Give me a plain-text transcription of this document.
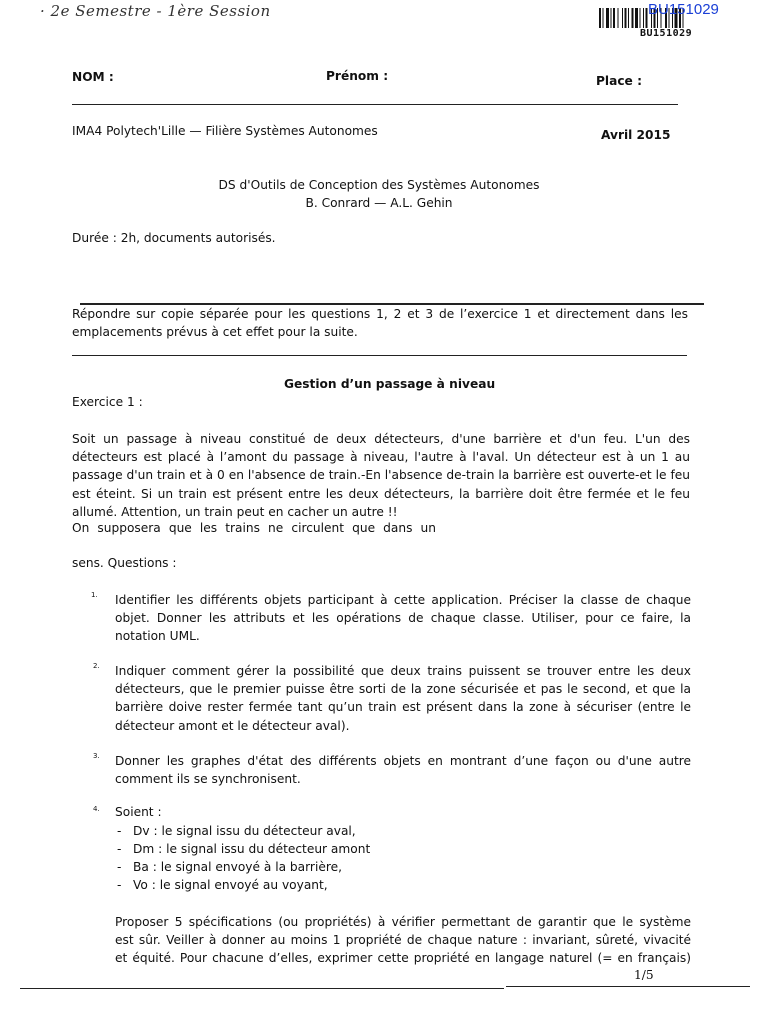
· 2e Semestre - 1ère Session	BU151029
BU151029
NOM :	Prénom :	Place :
IMA4 Polytech'Lille — Filière Systèmes Autonomes	Avril 2015
DS d'Outils de Conception des Systèmes Autonomes
B. Conrard — A.L. Gehin
Durée : 2h, documents autorisés.
Répondre sur copie séparée pour les questions 1, 2 et 3 de l’exercice 1 et directement dans les
emplacements prévus à cet effet pour la suite.
Gestion d’un passage à niveau
Exercice 1 :
Soit un passage à niveau constitué de deux détecteurs, d'une barrière et d'un feu. L'un des
détecteurs est placé à l’amont du passage à niveau, l'autre à l'aval. Un détecteur est à un 1 au
passage d'un train et à 0 en l'absence de train.-En l'absence de-train la barrière est ouverte-et le feu
est éteint. Si un train est présent entre les deux détecteurs, la barrière doit être fermée et le feu
allumé. Attention, un train peut en cacher un autre !!
On supposera que les trains ne circulent que dans un
sens. Questions :
1. Identifier les différents objets participant à cette application. Préciser la classe de chaque
objet. Donner les attributs et les opérations de chaque classe. Utiliser, pour ce faire, la
notation UML.
2. Indiquer comment gérer la possibilité que deux trains puissent se trouver entre les deux
détecteurs, que le premier puisse être sorti de la zone sécurisée et pas le second, et que la
barrière doive rester fermée tant qu’un train est présent dans la zone à sécuriser (entre le
détecteur amont et le détecteur aval).
3. Donner les graphes d'état des différents objets en montrant d’une façon ou d'une autre
comment ils se synchronisent.
4. Soient :
-   Dv : le signal issu du détecteur aval,
-   Dm : le signal issu du détecteur amont
-   Ba : le signal envoyé à la barrière,
-   Vo : le signal envoyé au voyant,
Proposer 5 spécifications (ou propriétés) à vérifier permettant de garantir que le système
est sûr. Veiller à donner au moins 1 propriété de chaque nature : invariant, sûreté, vivacité
et équité. Pour chacune d’elles, exprimer cette propriété en langage naturel (= en français)
1/5
